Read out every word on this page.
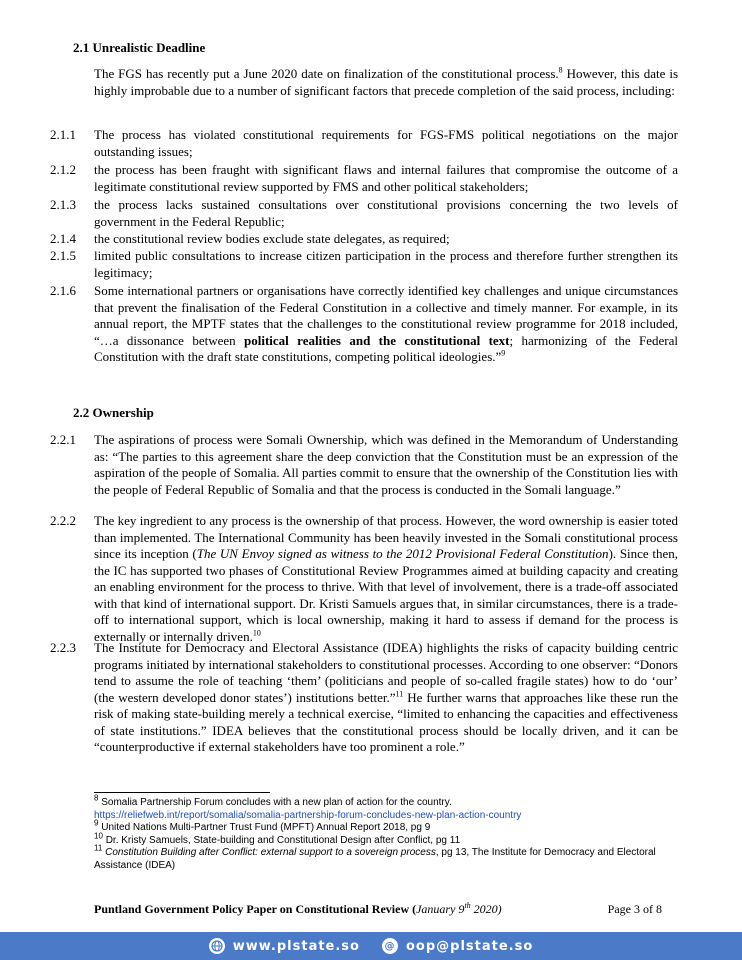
2.1 Unrealistic Deadline
The FGS has recently put a June 2020 date on finalization of the constitutional process.$^8$ However, this date is highly improbable due to a number of significant factors that precede completion of the said process, including:
2.1.1	The process has violated constitutional requirements for FGS-FMS political negotiations on the major outstanding issues;
2.1.2	the process has been fraught with significant flaws and internal failures that compromise the outcome of a legitimate constitutional review supported by FMS and other political stakeholders;
2.1.3	the process lacks sustained consultations over constitutional provisions concerning the two levels of government in the Federal Republic;
2.1.4	the constitutional review bodies exclude state delegates, as required;
2.1.5	limited public consultations to increase citizen participation in the process and therefore further strengthen its legitimacy;
2.1.6	Some international partners or organisations have correctly identified key challenges and unique circumstances that prevent the finalisation of the Federal Constitution in a collective and timely manner. For example, in its annual report, the MPTF states that the challenges to the constitutional review programme for 2018 included, “…a dissonance between political realities and the constitutional text; harmonizing of the Federal Constitution with the draft state constitutions, competing political ideologies.”$^9$
2.2 Ownership
2.2.1	The aspirations of process were Somali Ownership, which was defined in the Memorandum of Understanding as: “The parties to this agreement share the deep conviction that the Constitution must be an expression of the aspiration of the people of Somalia. All parties commit to ensure that the ownership of the Constitution lies with the people of Federal Republic of Somalia and that the process is conducted in the Somali language.”
2.2.2	The key ingredient to any process is the ownership of that process. However, the word ownership is easier toted than implemented. The International Community has been heavily invested in the Somali constitutional process since its inception (The UN Envoy signed as witness to the 2012 Provisional Federal Constitution). Since then, the IC has supported two phases of Constitutional Review Programmes aimed at building capacity and creating an enabling environment for the process to thrive. With that level of involvement, there is a trade-off associated with that kind of international support. Dr. Kristi Samuels argues that, in similar circumstances, there is a trade-off to international support, which is local ownership, making it hard to assess if demand for the process is externally or internally driven.$^{10}$
2.2.3	The Institute for Democracy and Electoral Assistance (IDEA) highlights the risks of capacity building centric programs initiated by international stakeholders to constitutional processes. According to one observer: “Donors tend to assume the role of teaching ‘them’ (politicians and people of so-called fragile states) how to do ‘our’ (the western developed donor states’) institutions better.”$^{11}$ He further warns that approaches like these run the risk of making state-building merely a technical exercise, “limited to enhancing the capacities and effectiveness of state institutions.” IDEA believes that the constitutional process should be locally driven, and it can be “counterproductive if external stakeholders have too prominent a role.”
$^8$ Somalia Partnership Forum concludes with a new plan of action for the country.
https://reliefweb.int/report/somalia/somalia-partnership-forum-concludes-new-plan-action-country
$^9$ United Nations Multi-Partner Trust Fund (MPFT) Annual Report 2018, pg 9
$^{10}$ Dr. Kristy Samuels, State-building and Constitutional Design after Conflict, pg 11
$^{11}$ Constitution Building after Conflict: external support to a sovereign process, pg 13, The Institute for Democracy and Electoral Assistance (IDEA)
Puntland Government Policy Paper on Constitutional Review (January 9th 2020)	Page 3 of 8
www.plstate.so @ oop@plstate.so
